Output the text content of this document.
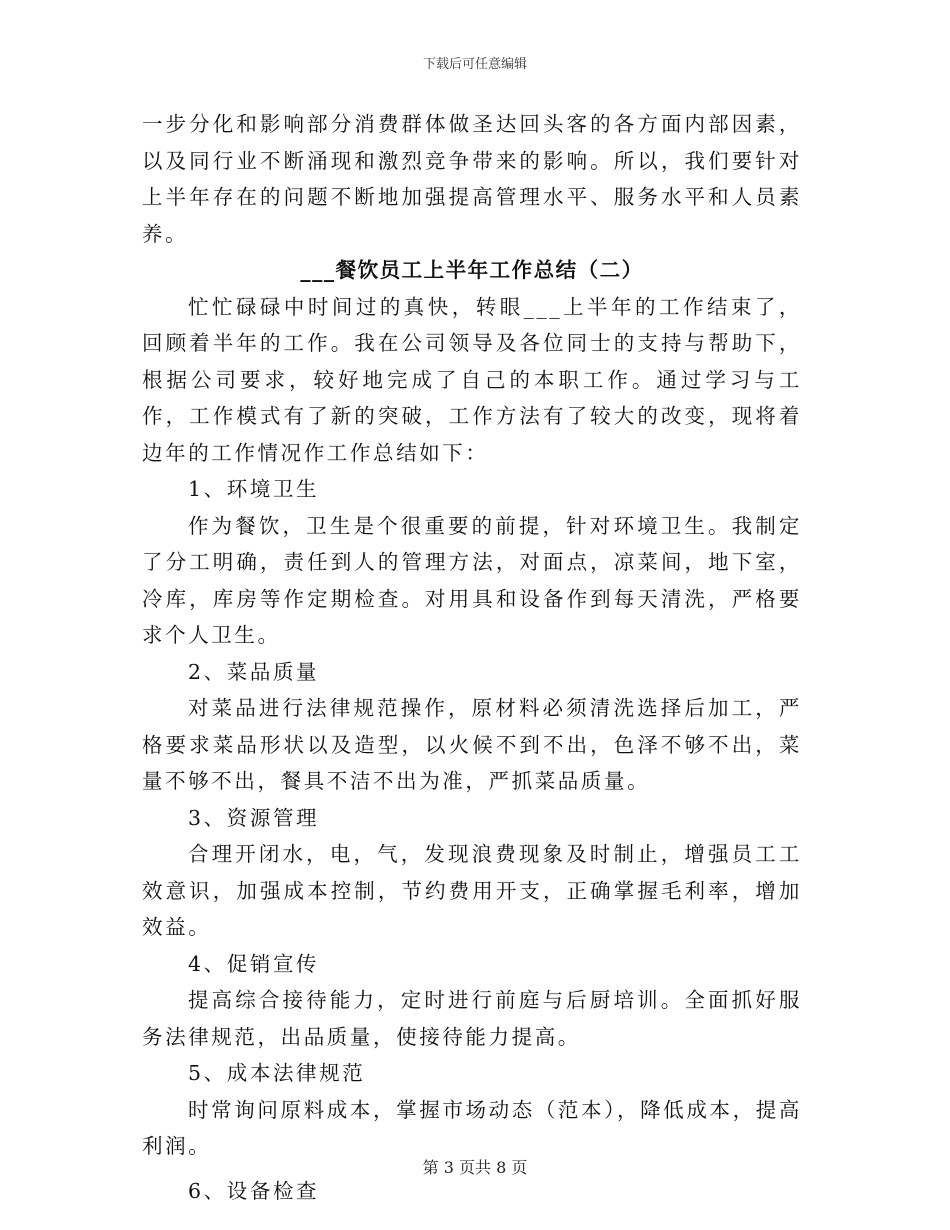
下载后可任意编辑

一步分化和影响部分消费群体做圣达回头客的各方面内部因素，以及同行业不断涌现和激烈竞争带来的影响。所以，我们要针对上半年存在的问题不断地加强提高管理水平、服务水平和人员素养。

___餐饮员工上半年工作总结（二）

忙忙碌碌中时间过的真快，转眼___上半年的工作结束了，回顾着半年的工作。我在公司领导及各位同士的支持与帮助下，根据公司要求，较好地完成了自己的本职工作。通过学习与工作，工作模式有了新的突破，工作方法有了较大的改变，现将着边年的工作情况作工作总结如下：

1、环境卫生

作为餐饮，卫生是个很重要的前提，针对环境卫生。我制定了分工明确，责任到人的管理方法，对面点，凉菜间，地下室，冷库，库房等作定期检查。对用具和设备作到每天清洗，严格要求个人卫生。

2、菜品质量

对菜品进行法律规范操作，原材料必须清洗选择后加工，严格要求菜品形状以及造型，以火候不到不出，色泽不够不出，菜量不够不出，餐具不洁不出为准，严抓菜品质量。

3、资源管理

合理开闭水，电，气，发现浪费现象及时制止，增强员工工效意识，加强成本控制，节约费用开支，正确掌握毛利率，增加效益。

4、促销宣传

提高综合接待能力，定时进行前庭与后厨培训。全面抓好服务法律规范，出品质量，使接待能力提高。

5、成本法律规范

时常询问原料成本，掌握市场动态（范本），降低成本，提高利润。

6、设备检查

第 3 页共 8 页
